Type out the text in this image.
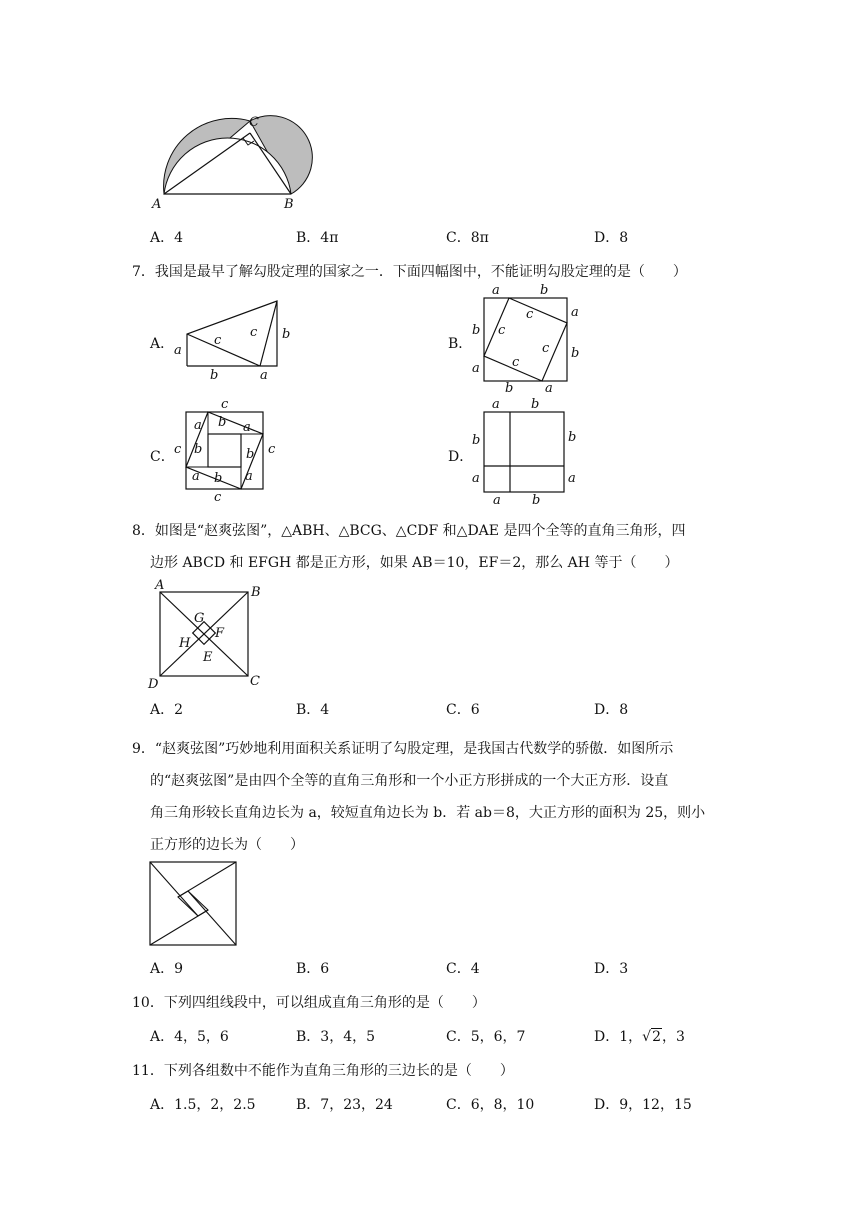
A	B
C
A．4	B．4π	C．8π	D．8
7．我国是最早了解勾股定理的国家之一．下面四幅图中，不能证明勾股定理的是（　　）
A． a
c
c b
b	a
B．
a	b
a
b
b
a
b a
c
c
c
c
C．
c
c	c
c
a b a
b	b
a	a
b
D．
a b
b
a
b
a
a b
8．如图是“赵爽弦图”，△ABH、△BCG、△CDF 和△DAE 是四个全等的直角三角形，四
边形 ABCD 和 EFGH 都是正方形，如果 AB＝10，EF＝2，那么 AH 等于（　　）
A	B
C
D
G
F
H
E
A．2	B．4	C．6	D．8
9．“赵爽弦图”巧妙地利用面积关系证明了勾股定理，是我国古代数学的骄傲．如图所示
的“赵爽弦图”是由四个全等的直角三角形和一个小正方形拼成的一个大正方形．设直
角三角形较长直角边长为 a，较短直角边长为 b．若 ab＝8，大正方形的面积为 25，则小
正方形的边长为（　　）
A．9	B．6	C．4	D．3
10．下列四组线段中，可以组成直角三角形的是（　　）
A．4，5，6	B．3，4，5	C．5，6，7	D．1，√2，3
11．下列各组数中不能作为直角三角形的三边长的是（　　）
A．1.5，2，2.5	B．7，23，24	C．6，8，10	D．9，12，15
